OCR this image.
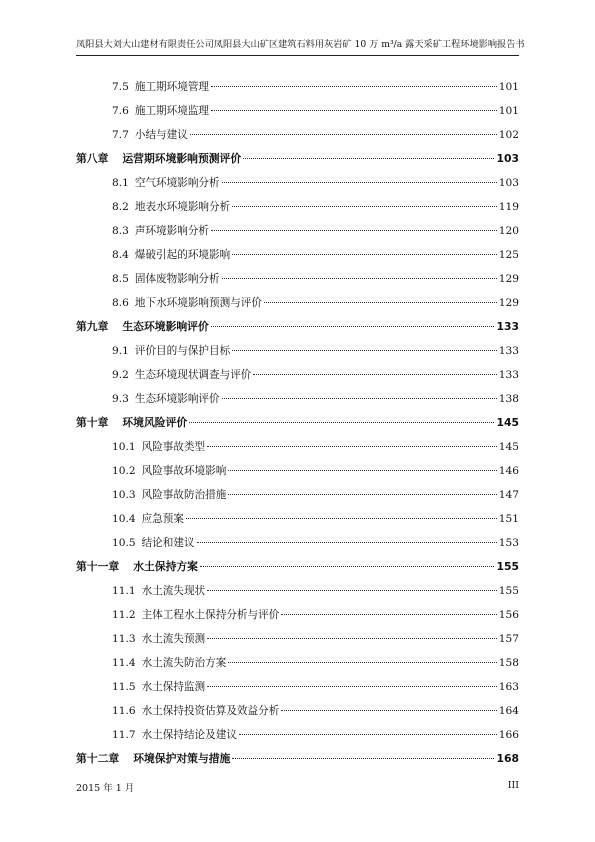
凤阳县大刘大山建材有限责任公司凤阳县大山矿区建筑石料用灰岩矿 10 万 m³/a 露天采矿工程环境影响报告书
7.5 施工期环境管理	101
7.6 施工期环境监理	101
7.7 小结与建议	102
第八章 运营期环境影响预测评价	103
8.1 空气环境影响分析	103
8.2 地表水环境影响分析	119
8.3 声环境影响分析	120
8.4 爆破引起的环境影响	125
8.5 固体废物影响分析	129
8.6 地下水环境影响预测与评价	129
第九章 生态环境影响评价	133
9.1 评价目的与保护目标	133
9.2 生态环境现状调查与评价	133
9.3 生态环境影响评价	138
第十章 环境风险评价	145
10.1 风险事故类型	145
10.2 风险事故环境影响	146
10.3 风险事故防治措施	147
10.4 应急预案	151
10.5 结论和建议	153
第十一章 水土保持方案	155
11.1 水土流失现状	155
11.2 主体工程水土保持分析与评价	156
11.3 水土流失预测	157
11.4 水土流失防治方案	158
11.5 水土保持监测	163
11.6 水土保持投资估算及效益分析	164
11.7 水土保持结论及建议	166
第十二章 环境保护对策与措施	168
2015 年 1 月	III
